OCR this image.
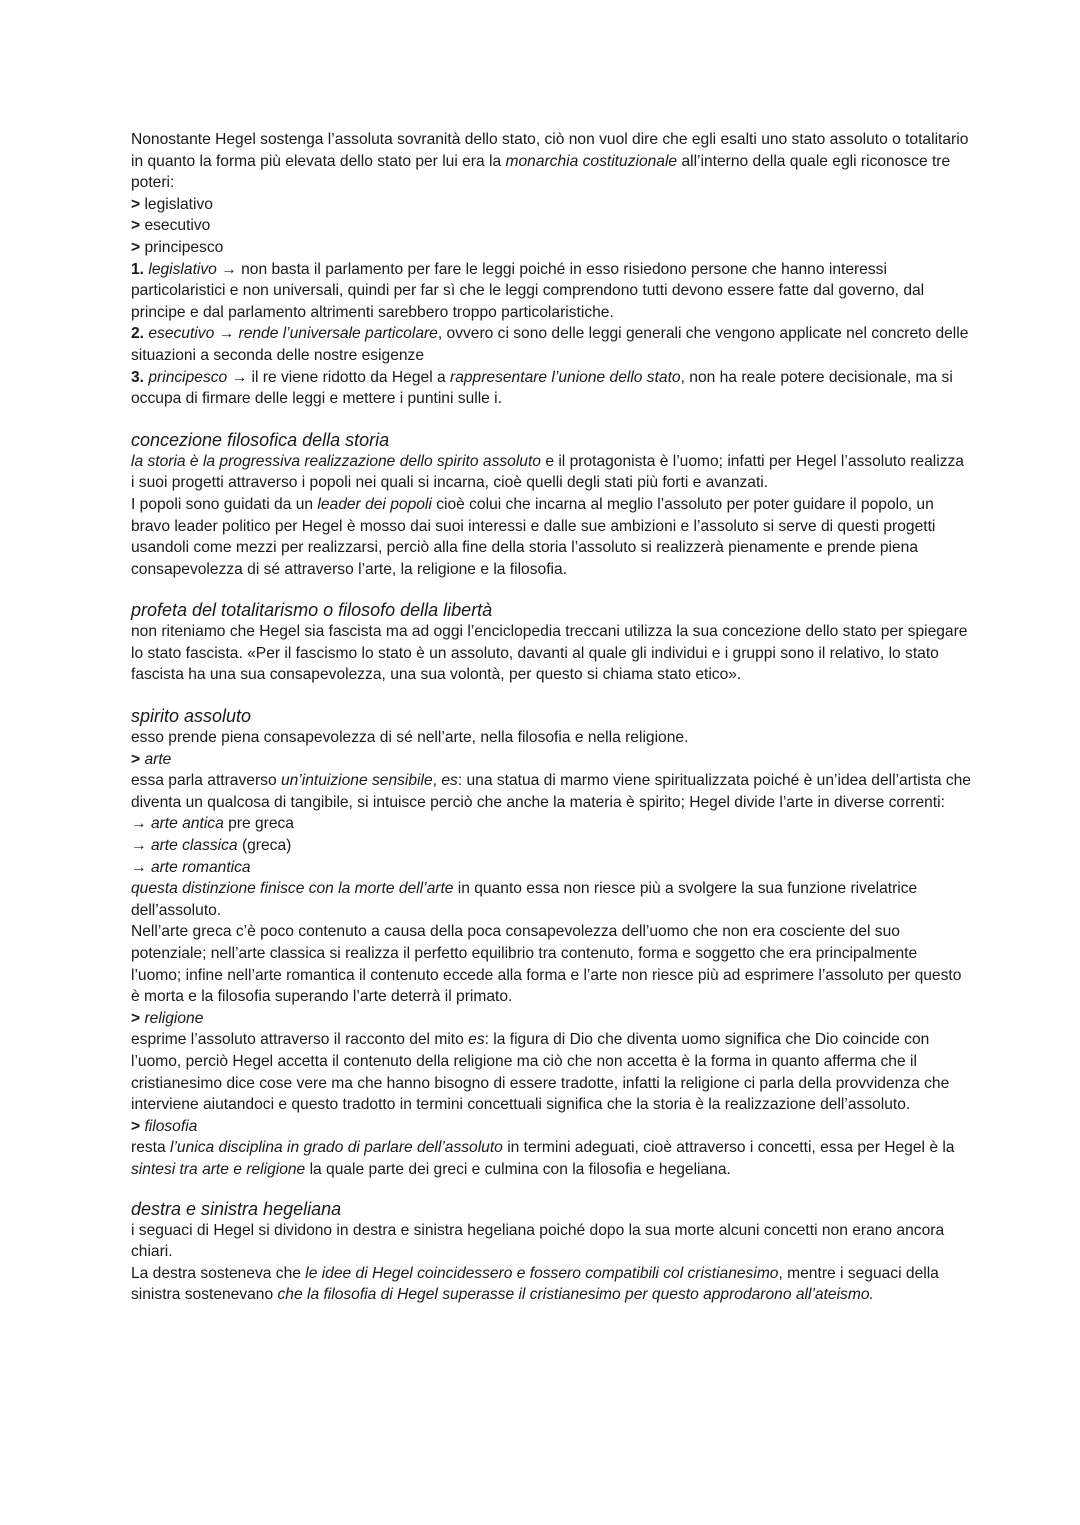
Nonostante Hegel sostenga l’assoluta sovranità dello stato, ciò non vuol dire che egli esalti uno stato assoluto o totalitario in quanto la forma più elevata dello stato per lui era la monarchia costituzionale all’interno della quale egli riconosce tre poteri:

> legislativo

> esecutivo

> principesco

1. legislativo → non basta il parlamento per fare le leggi poiché in esso risiedono persone che hanno interessi particolaristici e non universali, quindi per far sì che le leggi comprendono tutti devono essere fatte dal governo, dal principe e dal parlamento altrimenti sarebbero troppo particolaristiche.

2. esecutivo → rende l’universale particolare, ovvero ci sono delle leggi generali che vengono applicate nel concreto delle situazioni a seconda delle nostre esigenze

3. principesco → il re viene ridotto da Hegel a rappresentare l’unione dello stato, non ha reale potere decisionale, ma si occupa di firmare delle leggi e mettere i puntini sulle i.

concezione filosofica della storia

la storia è la progressiva realizzazione dello spirito assoluto e il protagonista è l’uomo; infatti per Hegel l’assoluto realizza i suoi progetti attraverso i popoli nei quali si incarna, cioè quelli degli stati più forti e avanzati.

I popoli sono guidati da un leader dei popoli cioè colui che incarna al meglio l’assoluto per poter guidare il popolo, un bravo leader politico per Hegel è mosso dai suoi interessi e dalle sue ambizioni e l’assoluto si serve di questi progetti usandoli come mezzi per realizzarsi, perciò alla fine della storia l’assoluto si realizzerà pienamente e prende piena consapevolezza di sé attraverso l’arte, la religione e la filosofia.

profeta del totalitarismo o filosofo della libertà

non riteniamo che Hegel sia fascista ma ad oggi l’enciclopedia treccani utilizza la sua concezione dello stato per spiegare lo stato fascista. «Per il fascismo lo stato è un assoluto, davanti al quale gli individui e i gruppi sono il relativo, lo stato fascista ha una sua consapevolezza, una sua volontà, per questo si chiama stato etico».

spirito assoluto

esso prende piena consapevolezza di sé nell’arte, nella filosofia e nella religione.

> arte

essa parla attraverso un’intuizione sensibile, es: una statua di marmo viene spiritualizzata poiché è un’idea dell’artista che diventa un qualcosa di tangibile, si intuisce perciò che anche la materia è spirito; Hegel divide l’arte in diverse correnti:

→ arte antica pre greca

→ arte classica (greca)

→ arte romantica

questa distinzione finisce con la morte dell’arte in quanto essa non riesce più a svolgere la sua funzione rivelatrice dell’assoluto.

Nell’arte greca c’è poco contenuto a causa della poca consapevolezza dell’uomo che non era cosciente del suo potenziale; nell’arte classica si realizza il perfetto equilibrio tra contenuto, forma e soggetto che era principalmente l’uomo; infine nell’arte romantica il contenuto eccede alla forma e l’arte non riesce più ad esprimere l’assoluto per questo è morta e la filosofia superando l’arte deterrà il primato.

> religione

esprime l’assoluto attraverso il racconto del mito es: la figura di Dio che diventa uomo significa che Dio coincide con l’uomo, perciò Hegel accetta il contenuto della religione ma ciò che non accetta è la forma in quanto afferma che il cristianesimo dice cose vere ma che hanno bisogno di essere tradotte, infatti la religione ci parla della provvidenza che interviene aiutandoci e questo tradotto in termini concettuali significa che la storia è la realizzazione dell’assoluto.

> filosofia

resta l’unica disciplina in grado di parlare dell’assoluto in termini adeguati, cioè attraverso i concetti, essa per Hegel è la sintesi tra arte e religione la quale parte dei greci e culmina con la filosofia e hegeliana.

destra e sinistra hegeliana

i seguaci di Hegel si dividono in destra e sinistra hegeliana poiché dopo la sua morte alcuni concetti non erano ancora chiari.

La destra sosteneva che le idee di Hegel coincidessero e fossero compatibili col cristianesimo, mentre i seguaci della sinistra sostenevano che la filosofia di Hegel superasse il cristianesimo per questo approdarono all’ateismo.
